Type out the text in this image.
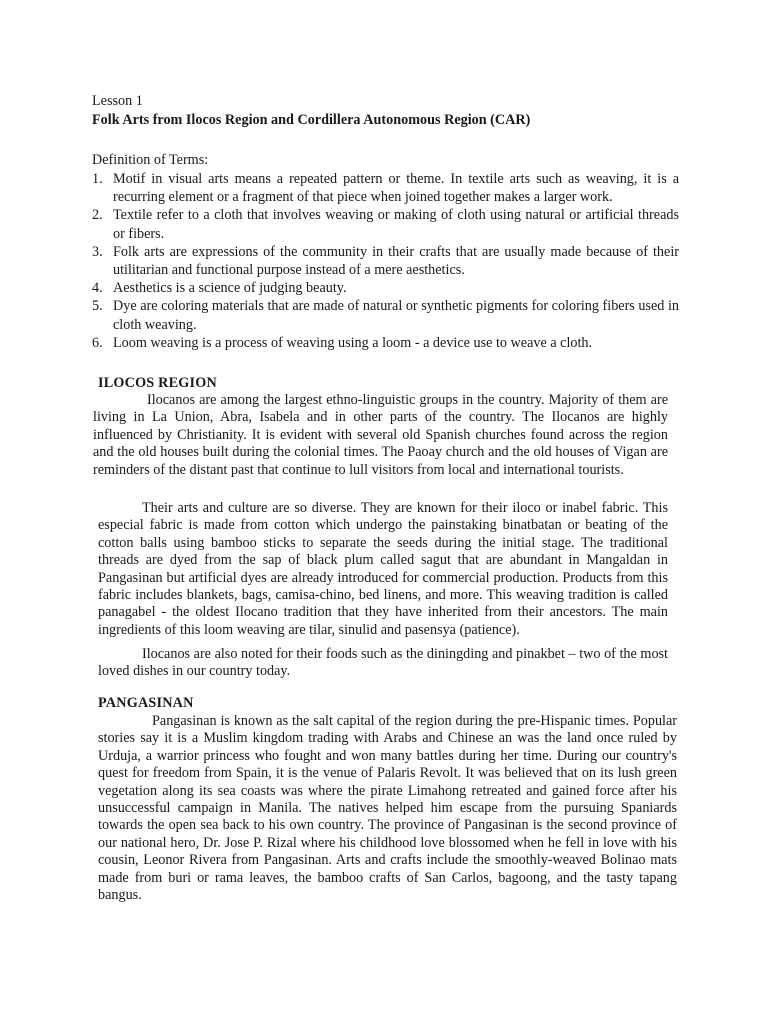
Lesson 1
Folk Arts from Ilocos Region and Cordillera Autonomous Region (CAR)
Definition of Terms:
1. Motif in visual arts means a repeated pattern or theme. In textile arts such as weaving, it is a recurring element or a fragment of that piece when joined together makes a larger work.
2. Textile refer to a cloth that involves weaving or making of cloth using natural or artificial threads or fibers.
3. Folk arts are expressions of the community in their crafts that are usually made because of their utilitarian and functional purpose instead of a mere aesthetics.
4. Aesthetics is a science of judging beauty.
5. Dye are coloring materials that are made of natural or synthetic pigments for coloring fibers used in cloth weaving.
6. Loom weaving is a process of weaving using a loom - a device use to weave a cloth.
ILOCOS REGION

Ilocanos are among the largest ethno-linguistic groups in the country. Majority of them are living in La Union, Abra, Isabela and in other parts of the country. The Ilocanos are highly influenced by Christianity. It is evident with several old Spanish churches found across the region and the old houses built during the colonial times. The Paoay church and the old houses of Vigan are reminders of the distant past that continue to lull visitors from local and international tourists.

Their arts and culture are so diverse. They are known for their iloco or inabel fabric. This especial fabric is made from cotton which undergo the painstaking binatbatan or beating of the cotton balls using bamboo sticks to separate the seeds during the initial stage. The traditional threads are dyed from the sap of black plum called sagut that are abundant in Mangaldan in Pangasinan but artificial dyes are already introduced for commercial production. Products from this fabric includes blankets, bags, camisa-chino, bed linens, and more. This weaving tradition is called panagabel - the oldest Ilocano tradition that they have inherited from their ancestors. The main ingredients of this loom weaving are tilar, sinulid and pasensya (patience).

Ilocanos are also noted for their foods such as the diningding and pinakbet – two of the most loved dishes in our country today.

PANGASINAN

Pangasinan is known as the salt capital of the region during the pre-Hispanic times. Popular stories say it is a Muslim kingdom trading with Arabs and Chinese an was the land once ruled by Urduja, a warrior princess who fought and won many battles during her time. During our country's quest for freedom from Spain, it is the venue of Palaris Revolt. It was believed that on its lush green vegetation along its sea coasts was where the pirate Limahong retreated and gained force after his unsuccessful campaign in Manila. The natives helped him escape from the pursuing Spaniards towards the open sea back to his own country. The province of Pangasinan is the second province of our national hero, Dr. Jose P. Rizal where his childhood love blossomed when he fell in love with his cousin, Leonor Rivera from Pangasinan. Arts and crafts include the smoothly-weaved Bolinao mats made from buri or rama leaves, the bamboo crafts of San Carlos, bagoong, and the tasty tapang bangus.
